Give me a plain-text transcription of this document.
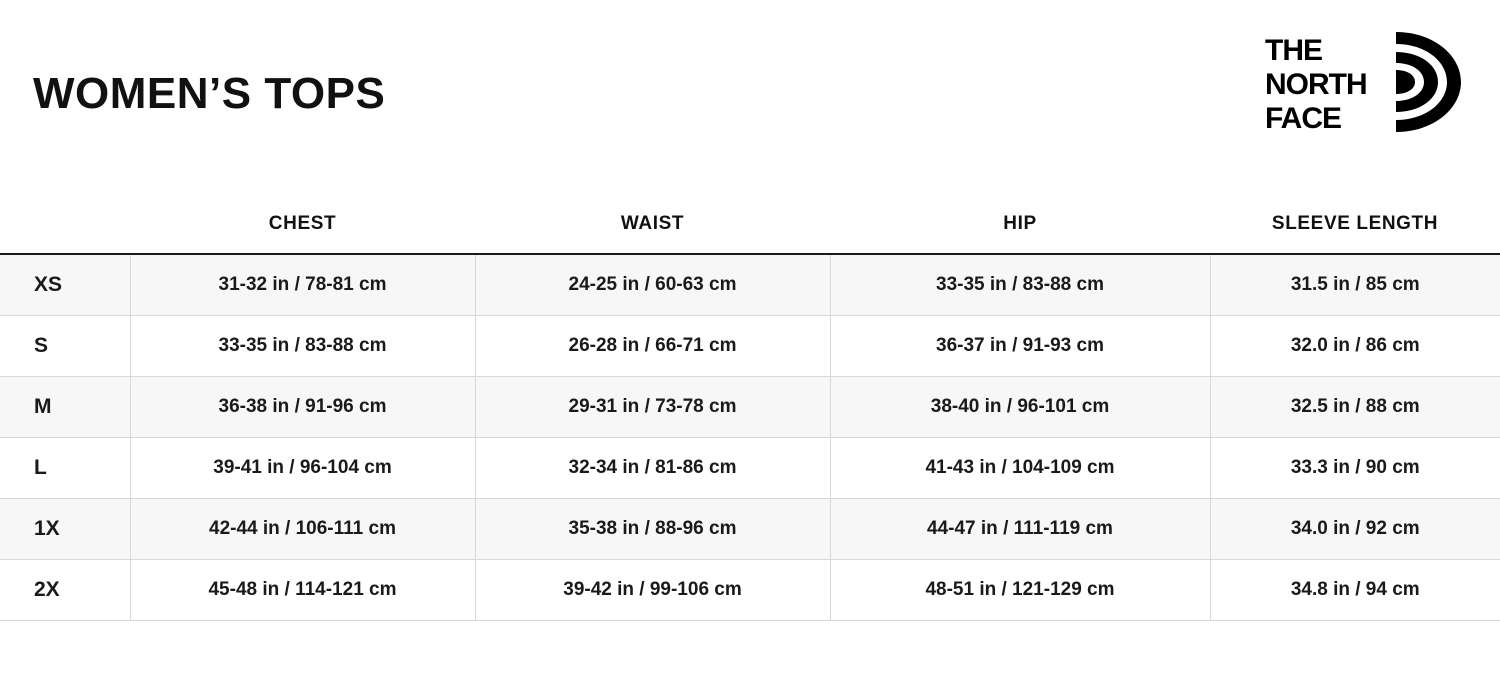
WOMEN’S TOPS
THE
NORTH
FACE
	CHEST	WAIST	HIP	SLEEVE LENGTH
XS	31-32 in / 78-81 cm	24-25 in / 60-63 cm	33-35 in / 83-88 cm	31.5 in / 85 cm
S	33-35 in / 83-88 cm	26-28 in / 66-71 cm	36-37 in / 91-93 cm	32.0 in / 86 cm
M	36-38 in / 91-96 cm	29-31 in / 73-78 cm	38-40 in / 96-101 cm	32.5 in / 88 cm
L	39-41 in / 96-104 cm	32-34 in / 81-86 cm	41-43 in / 104-109 cm	33.3 in / 90 cm
1X	42-44 in / 106-111 cm	35-38 in / 88-96 cm	44-47 in / 111-119 cm	34.0 in / 92 cm
2X	45-48 in / 114-121 cm	39-42 in / 99-106 cm	48-51 in / 121-129 cm	34.8 in / 94 cm
